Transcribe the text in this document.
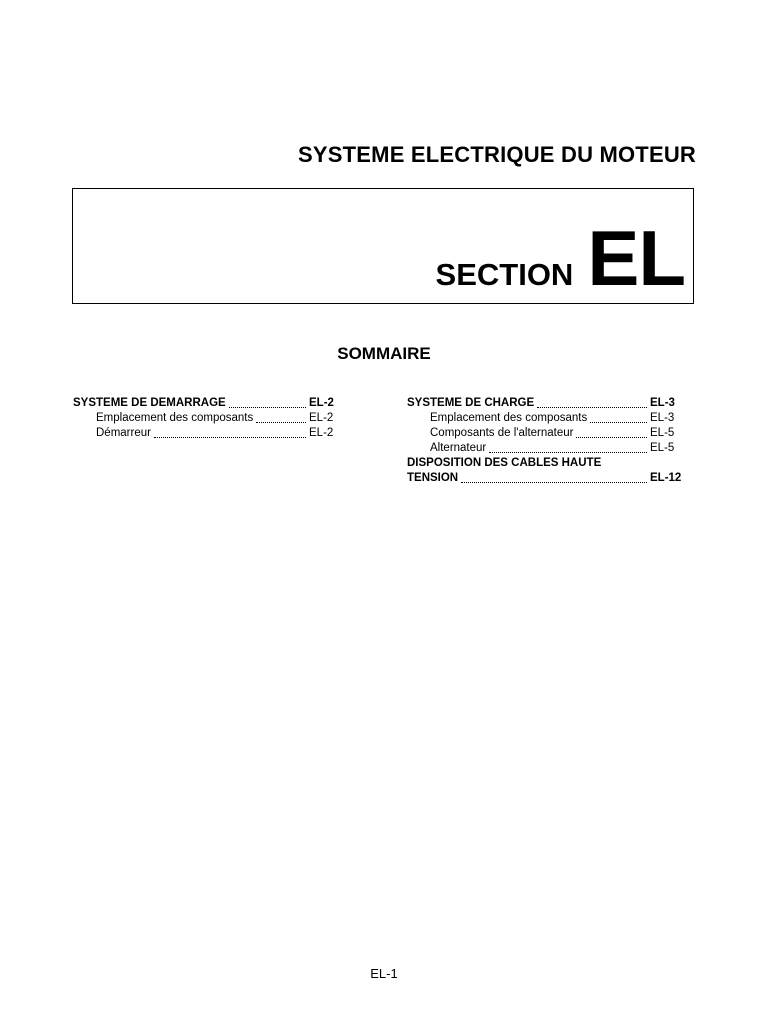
SYSTEME ELECTRIQUE DU MOTEUR
SECTION EL
SOMMAIRE
SYSTEME DE DEMARRAGE	EL-2
Emplacement des composants	EL-2
Démarreur	EL-2
SYSTEME DE CHARGE	EL-3
Emplacement des composants	EL-3
Composants de l'alternateur	EL-5
Alternateur	EL-5
DISPOSITION DES CABLES HAUTE
TENSION	EL-12
EL-1
